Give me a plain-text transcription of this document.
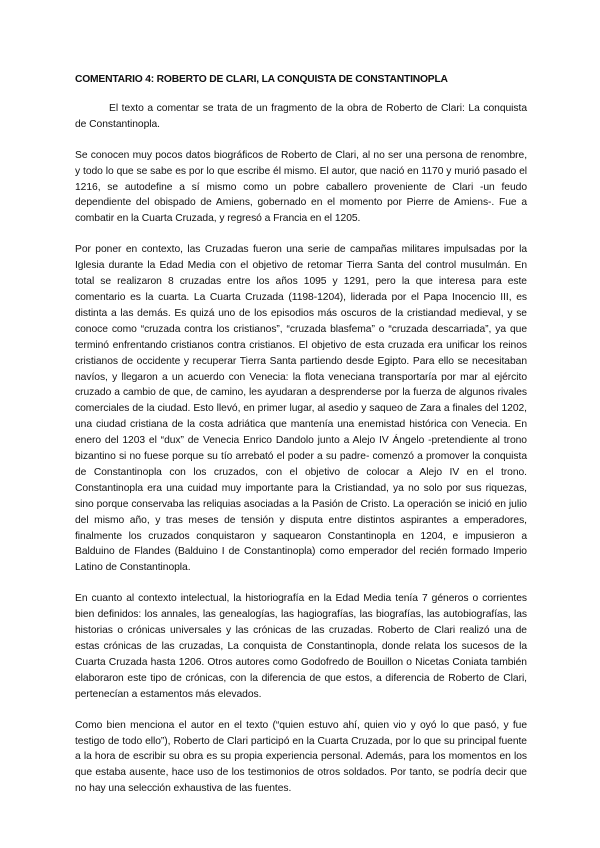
COMENTARIO 4: ROBERTO DE CLARI, LA CONQUISTA DE CONSTANTINOPLA

El texto a comentar se trata de un fragmento de la obra de Roberto de Clari: La conquista de Constantinopla.

Se conocen muy pocos datos biográficos de Roberto de Clari, al no ser una persona de renombre, y todo lo que se sabe es por lo que escribe él mismo. El autor, que nació en 1170 y murió pasado el 1216, se autodefine a sí mismo como un pobre caballero proveniente de Clari -un feudo dependiente del obispado de Amiens, gobernado en el momento por Pierre de Amiens-. Fue a combatir en la Cuarta Cruzada, y regresó a Francia en el 1205.

Por poner en contexto, las Cruzadas fueron una serie de campañas militares impulsadas por la Iglesia durante la Edad Media con el objetivo de retomar Tierra Santa del control musulmán. En total se realizaron 8 cruzadas entre los años 1095 y 1291, pero la que interesa para este comentario es la cuarta. La Cuarta Cruzada (1198-1204), liderada por el Papa Inocencio III, es distinta a las demás. Es quizá uno de los episodios más oscuros de la cristiandad medieval, y se conoce como “cruzada contra los cristianos”, “cruzada blasfema” o “cruzada descarriada”, ya que terminó enfrentando cristianos contra cristianos. El objetivo de esta cruzada era unificar los reinos cristianos de occidente y recuperar Tierra Santa partiendo desde Egipto. Para ello se necesitaban navíos, y llegaron a un acuerdo con Venecia: la flota veneciana transportaría por mar al ejército cruzado a cambio de que, de camino, les ayudaran a desprenderse por la fuerza de algunos rivales comerciales de la ciudad. Esto llevó, en primer lugar, al asedio y saqueo de Zara a finales del 1202, una ciudad cristiana de la costa adriática que mantenía una enemistad histórica con Venecia. En enero del 1203 el “dux” de Venecia Enrico Dandolo junto a Alejo IV Ángelo -pretendiente al trono bizantino si no fuese porque su tío arrebató el poder a su padre- comenzó a promover la conquista de Constantinopla con los cruzados, con el objetivo de colocar a Alejo IV en el trono. Constantinopla era una cuidad muy importante para la Cristiandad, ya no solo por sus riquezas, sino porque conservaba las reliquias asociadas a la Pasión de Cristo. La operación se inició en julio del mismo año, y tras meses de tensión y disputa entre distintos aspirantes a emperadores, finalmente los cruzados conquistaron y saquearon Constantinopla en 1204, e impusieron a Balduino de Flandes (Balduino I de Constantinopla) como emperador del recién formado Imperio Latino de Constantinopla.

En cuanto al contexto intelectual, la historiografía en la Edad Media tenía 7 géneros o corrientes bien definidos: los annales, las genealogías, las hagiografías, las biografías, las autobiografías, las historias o crónicas universales y las crónicas de las cruzadas. Roberto de Clari realizó una de estas crónicas de las cruzadas, La conquista de Constantinopla, donde relata los sucesos de la Cuarta Cruzada hasta 1206. Otros autores como Godofredo de Bouillon o Nicetas Coniata también elaboraron este tipo de crónicas, con la diferencia de que estos, a diferencia de Roberto de Clari, pertenecían a estamentos más elevados.

Como bien menciona el autor en el texto (“quien estuvo ahí, quien vio y oyó lo que pasó, y fue testigo de todo ello”), Roberto de Clari participó en la Cuarta Cruzada, por lo que su principal fuente a la hora de escribir su obra es su propia experiencia personal. Además, para los momentos en los que estaba ausente, hace uso de los testimonios de otros soldados. Por tanto, se podría decir que no hay una selección exhaustiva de las fuentes.
